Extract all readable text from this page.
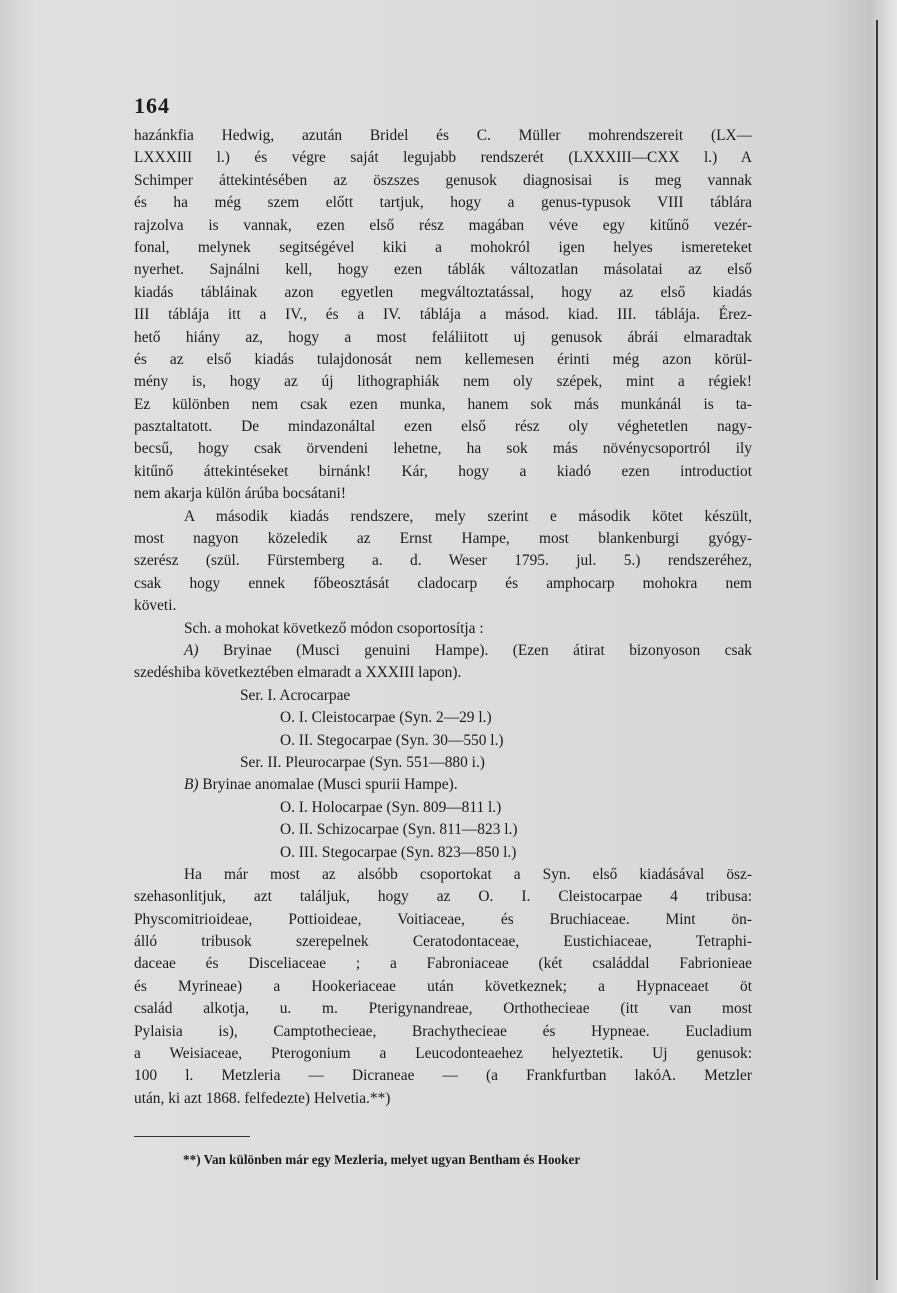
164
hazánkfia Hedwig, azután Bridel és C. Müller mohrendszereit (LX—
LXXXIII l.) és végre saját legujabb rendszerét (LXXXIII—CXX l.) A
Schimper áttekintésében az öszszes genusok diagnosisai is meg vannak
és ha még szem előtt tartjuk, hogy a genus-typusok VIII táblára
rajzolva is vannak, ezen első rész magában véve egy kitűnő vezér-
fonal, melynek segitségével kiki a mohokról igen helyes ismereteket
nyerhet. Sajnálni kell, hogy ezen táblák változatlan másolatai az első
kiadás tábláinak azon egyetlen megváltoztatással, hogy az első kiadás
III táblája itt a IV., és a IV. táblája a másod. kiad. III. táblája. Érez-
hető hiány az, hogy a most feláliitott uj genusok ábrái elmaradtak
és az első kiadás tulajdonosát nem kellemesen érinti még azon körül-
mény is, hogy az új lithographiák nem oly szépek, mint a régiek!
Ez különben nem csak ezen munka, hanem sok más munkánál is ta-
pasztaltatott. De mindazonáltal ezen első rész oly véghetetlen nagy-
becsű, hogy csak örvendeni lehetne, ha sok más növénycsoportról ily
kitűnő áttekintéseket birnánk! Kár, hogy a kiadó ezen introductiot
nem akarja külön árúba bocsátani!
A második kiadás rendszere, mely szerint e második kötet készült,
most nagyon közeledik az Ernst Hampe, most blankenburgi gyógy-
szerész (szül. Fürstemberg a. d. Weser 1795. jul. 5.) rendszeréhez,
csak hogy ennek főbeosztását cladocarp és amphocarp mohokra nem
követi.
Sch. a mohokat következő módon csoportosítja :
A) Bryinae (Musci genuini Hampe). (Ezen átirat bizonyoson csak
szedéshiba következtében elmaradt a XXXIII lapon).
Ser. I. Acrocarpae
O. I. Cleistocarpae (Syn. 2—29 l.)
O. II. Stegocarpae (Syn. 30—550 l.)
Ser. II. Pleurocarpae (Syn. 551—880 i.)
B) Bryinae anomalae (Musci spurii Hampe).
O. I. Holocarpae (Syn. 809—811 l.)
O. II. Schizocarpae (Syn. 811—823 l.)
O. III. Stegocarpae (Syn. 823—850 l.)
Ha már most az alsóbb csoportokat a Syn. első kiadásával ösz-
szehasonlitjuk, azt találjuk, hogy az O. I. Cleistocarpae 4 tribusa:
Physcomitrioideae, Pottioideae, Voitiaceae, és Bruchiaceae. Mint ön-
álló tribusok szerepelnek Ceratodontaceae, Eustichiaceae, Tetraphi-
daceae és Disceliaceae ; a Fabroniaceae (két családdal Fabrionieae
és Myrineae) a Hookeriaceae után következnek; a Hypnaceaet öt
család alkotja, u. m. Pterigynandreae, Orthothecieae (itt van most
Pylaisia is), Camptothecieae, Brachythecieae és Hypneae. Eucladium
a Weisiaceae, Pterogonium a Leucodonteaehez helyeztetik. Uj genusok:
100 l. Metzleria — Dicraneae — (a Frankfurtban lakóA. Metzler
után, ki azt 1868. felfedezte) Helvetia.**)
**) Van különben már egy Mezleria, melyet ugyan Bentham és Hooker
